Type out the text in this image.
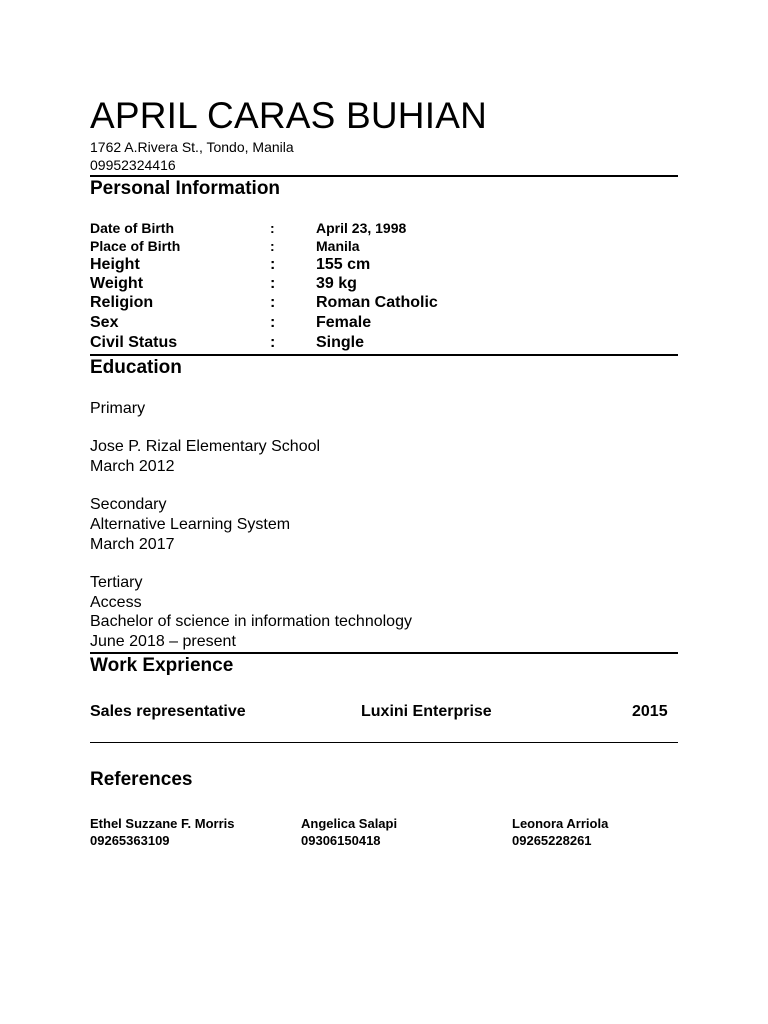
APRIL CARAS BUHIAN
1762 A.Rivera St., Tondo, Manila
09952324416
Personal Information
Date of Birth	:	April 23, 1998
Place of Birth	:	Manila
Height	:	155 cm
Weight	:	39 kg
Religion	:	Roman Catholic
Sex	:	Female
Civil Status	:	Single
Education
Primary
Jose P. Rizal Elementary School
March 2012
Secondary
Alternative Learning System
March 2017
Tertiary
Access
Bachelor of science in information technology
June 2018 – present
Work Exprience
Sales representative	Luxini Enterprise	2015
References
Ethel Suzzane F. Morris
09265363109
Angelica Salapi
09306150418
Leonora Arriola
09265228261
